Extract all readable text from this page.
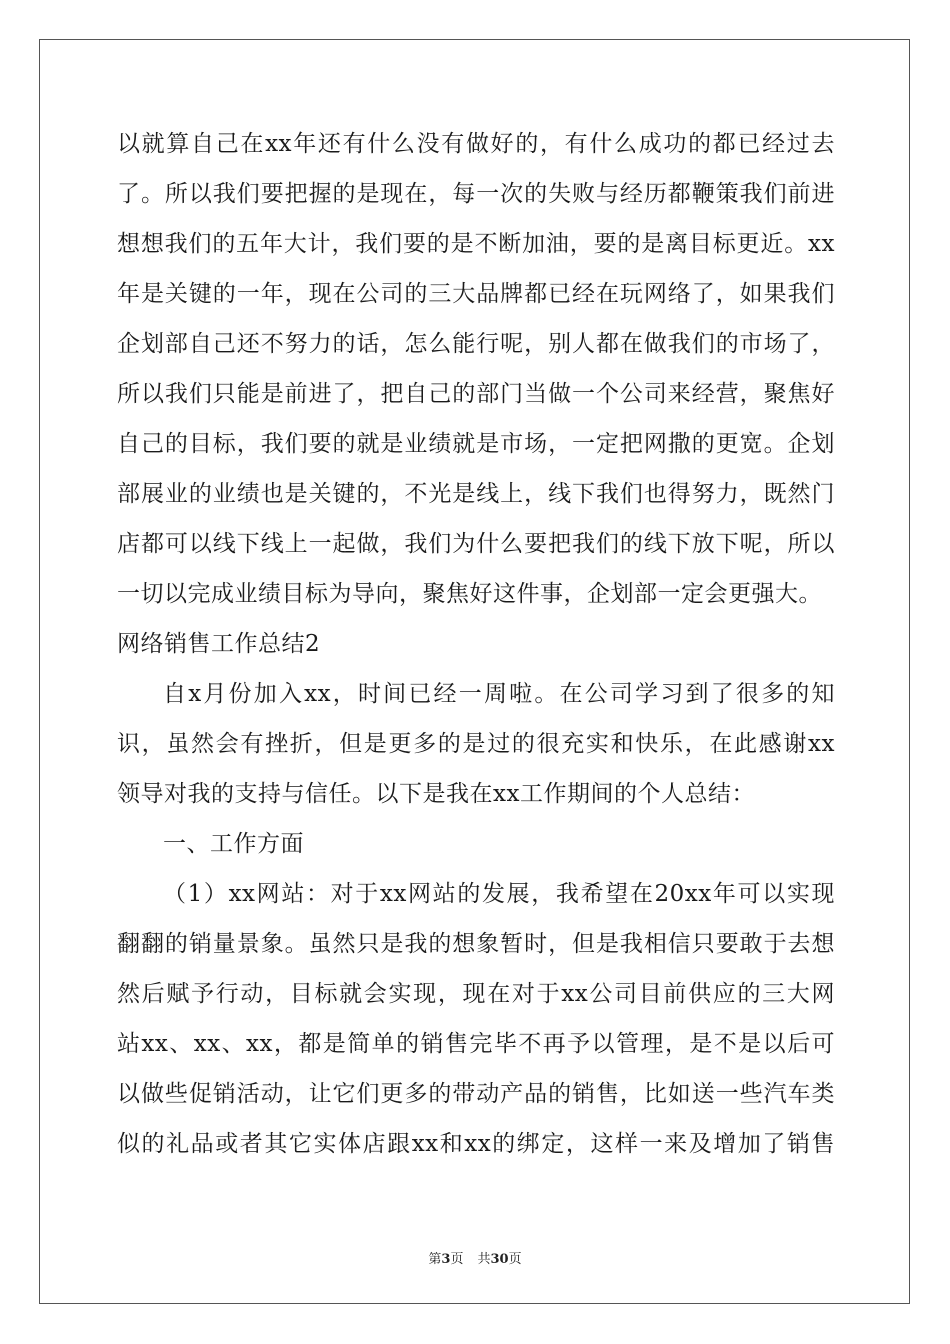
以就算自己在xx年还有什么没有做好的，有什么成功的都已经过去
了。所以我们要把握的是现在，每一次的失败与经历都鞭策我们前进
想想我们的五年大计，我们要的是不断加油，要的是离目标更近。xx
年是关键的一年，现在公司的三大品牌都已经在玩网络了，如果我们
企划部自己还不努力的话，怎么能行呢，别人都在做我们的市场了，
所以我们只能是前进了，把自己的部门当做一个公司来经营，聚焦好
自己的目标，我们要的就是业绩就是市场，一定把网撒的更宽。企划
部展业的业绩也是关键的，不光是线上，线下我们也得努力，既然门
店都可以线下线上一起做，我们为什么要把我们的线下放下呢，所以
一切以完成业绩目标为导向，聚焦好这件事，企划部一定会更强大。
网络销售工作总结2
自x月份加入xx，时间已经一周啦。在公司学习到了很多的知
识，虽然会有挫折，但是更多的是过的很充实和快乐，在此感谢xx
领导对我的支持与信任。以下是我在xx工作期间的个人总结：
一、工作方面
（1）xx网站：对于xx网站的发展，我希望在20xx年可以实现
翻翻的销量景象。虽然只是我的想象暂时，但是我相信只要敢于去想
然后赋予行动，目标就会实现，现在对于xx公司目前供应的三大网
站xx、xx、xx，都是简单的销售完毕不再予以管理，是不是以后可
以做些促销活动，让它们更多的带动产品的销售，比如送一些汽车类
似的礼品或者其它实体店跟xx和xx的绑定，这样一来及增加了销售
第3页 共30页
